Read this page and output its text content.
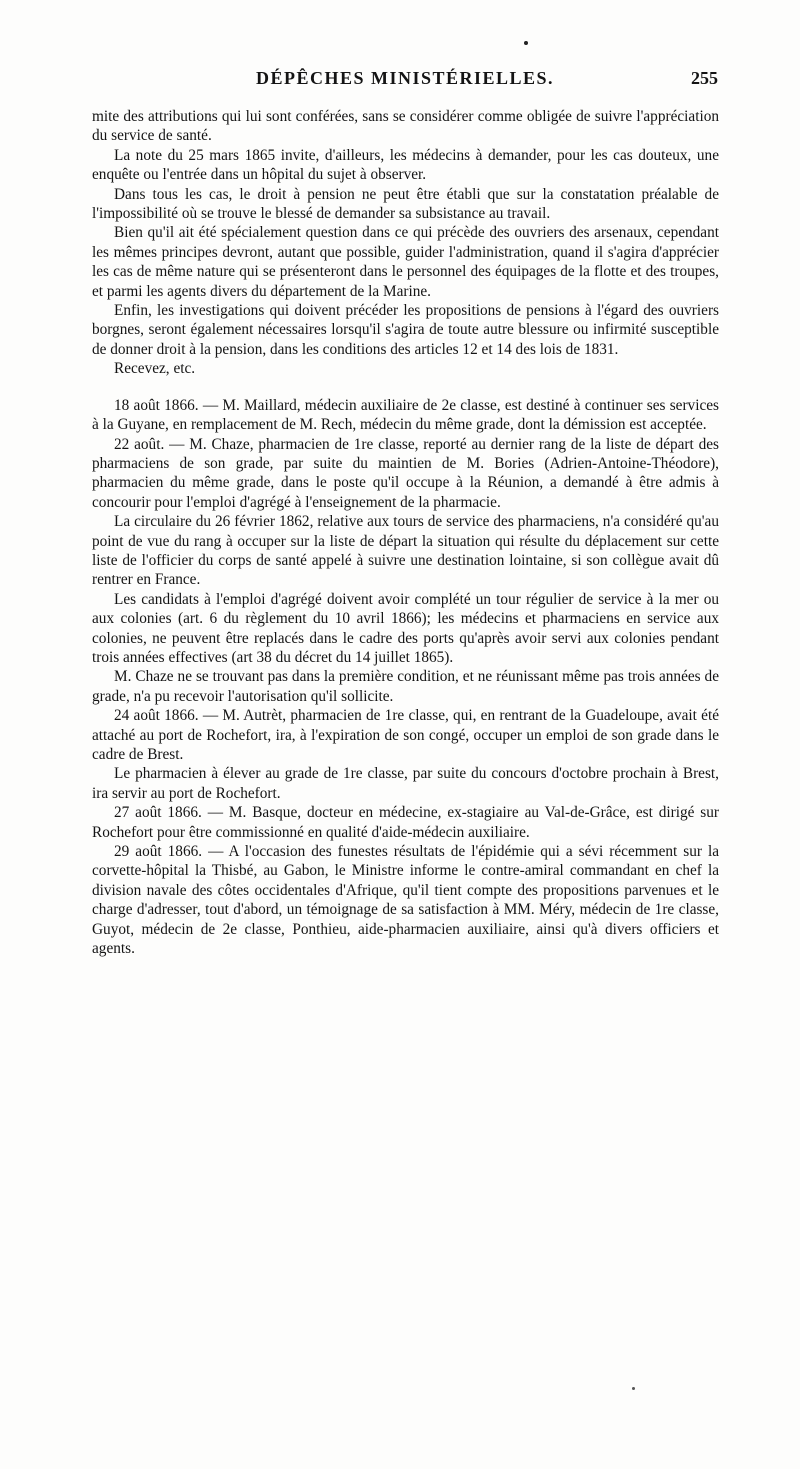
DÉPÊCHES MINISTÉRIELLES.	255

mite des attributions qui lui sont conférées, sans se considérer comme obligée de suivre l'appréciation du service de santé.

La note du 25 mars 1865 invite, d'ailleurs, les médecins à demander, pour les cas douteux, une enquête ou l'entrée dans un hôpital du sujet à observer.

Dans tous les cas, le droit à pension ne peut être établi que sur la constatation préalable de l'impossibilité où se trouve le blessé de demander sa subsistance au travail.

Bien qu'il ait été spécialement question dans ce qui précède des ouvriers des arsenaux, cependant les mêmes principes devront, autant que possible, guider l'administration, quand il s'agira d'apprécier les cas de même nature qui se présenteront dans le personnel des équipages de la flotte et des troupes, et parmi les agents divers du département de la Marine.

Enfin, les investigations qui doivent précéder les propositions de pensions à l'égard des ouvriers borgnes, seront également nécessaires lorsqu'il s'agira de toute autre blessure ou infirmité susceptible de donner droit à la pension, dans les conditions des articles 12 et 14 des lois de 1831.

Recevez, etc.

18 août 1866. — M. Maillard, médecin auxiliaire de 2e classe, est destiné à continuer ses services à la Guyane, en remplacement de M. Rech, médecin du même grade, dont la démission est acceptée.

22 août. — M. Chaze, pharmacien de 1re classe, reporté au dernier rang de la liste de départ des pharmaciens de son grade, par suite du maintien de M. Bories (Adrien-Antoine-Théodore), pharmacien du même grade, dans le poste qu'il occupe à la Réunion, a demandé à être admis à concourir pour l'emploi d'agrégé à l'enseignement de la pharmacie.

La circulaire du 26 février 1862, relative aux tours de service des pharmaciens, n'a considéré qu'au point de vue du rang à occuper sur la liste de départ la situation qui résulte du déplacement sur cette liste de l'officier du corps de santé appelé à suivre une destination lointaine, si son collègue avait dû rentrer en France.

Les candidats à l'emploi d'agrégé doivent avoir complété un tour régulier de service à la mer ou aux colonies (art. 6 du règlement du 10 avril 1866); les médecins et pharmaciens en service aux colonies, ne peuvent être replacés dans le cadre des ports qu'après avoir servi aux colonies pendant trois années effectives (art 38 du décret du 14 juillet 1865).

M. Chaze ne se trouvant pas dans la première condition, et ne réunissant même pas trois années de grade, n'a pu recevoir l'autorisation qu'il sollicite.

24 août 1866. — M. Autrèt, pharmacien de 1re classe, qui, en rentrant de la Guadeloupe, avait été attaché au port de Rochefort, ira, à l'expiration de son congé, occuper un emploi de son grade dans le cadre de Brest.

Le pharmacien à élever au grade de 1re classe, par suite du concours d'octobre prochain à Brest, ira servir au port de Rochefort.

27 août 1866. — M. Basque, docteur en médecine, ex-stagiaire au Val-de-Grâce, est dirigé sur Rochefort pour être commissionné en qualité d'aide-médecin auxiliaire.

29 août 1866. — A l'occasion des funestes résultats de l'épidémie qui a sévi récemment sur la corvette-hôpital la Thisbé, au Gabon, le Ministre informe le contre-amiral commandant en chef la division navale des côtes occidentales d'Afrique, qu'il tient compte des propositions parvenues et le charge d'adresser, tout d'abord, un témoignage de sa satisfaction à MM. Méry, médecin de 1re classe, Guyot, médecin de 2e classe, Ponthieu, aide-pharmacien auxiliaire, ainsi qu'à divers officiers et agents.
